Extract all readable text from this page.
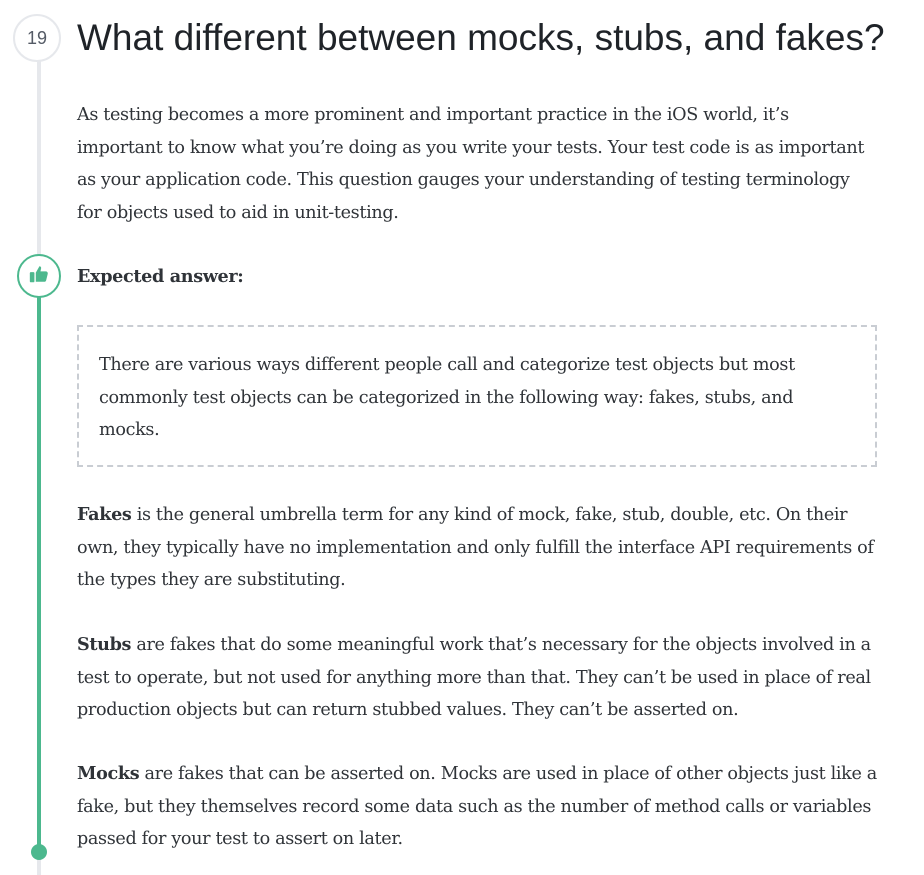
19 What different between mocks, stubs, and fakes?

As testing becomes a more prominent and important practice in the iOS world, it’s important to know what you’re doing as you write your tests. Your test code is as important as your application code. This question gauges your understanding of testing terminology for objects used to aid in unit-testing.

Expected answer:

There are various ways different people call and categorize test objects but most commonly test objects can be categorized in the following way: fakes, stubs, and mocks.

Fakes is the general umbrella term for any kind of mock, fake, stub, double, etc. On their own, they typically have no implementation and only fulfill the interface API requirements of the types they are substituting.

Stubs are fakes that do some meaningful work that’s necessary for the objects involved in a test to operate, but not used for anything more than that. They can’t be used in place of real production objects but can return stubbed values. They can’t be asserted on.

Mocks are fakes that can be asserted on. Mocks are used in place of other objects just like a fake, but they themselves record some data such as the number of method calls or variables passed for your test to assert on later.
